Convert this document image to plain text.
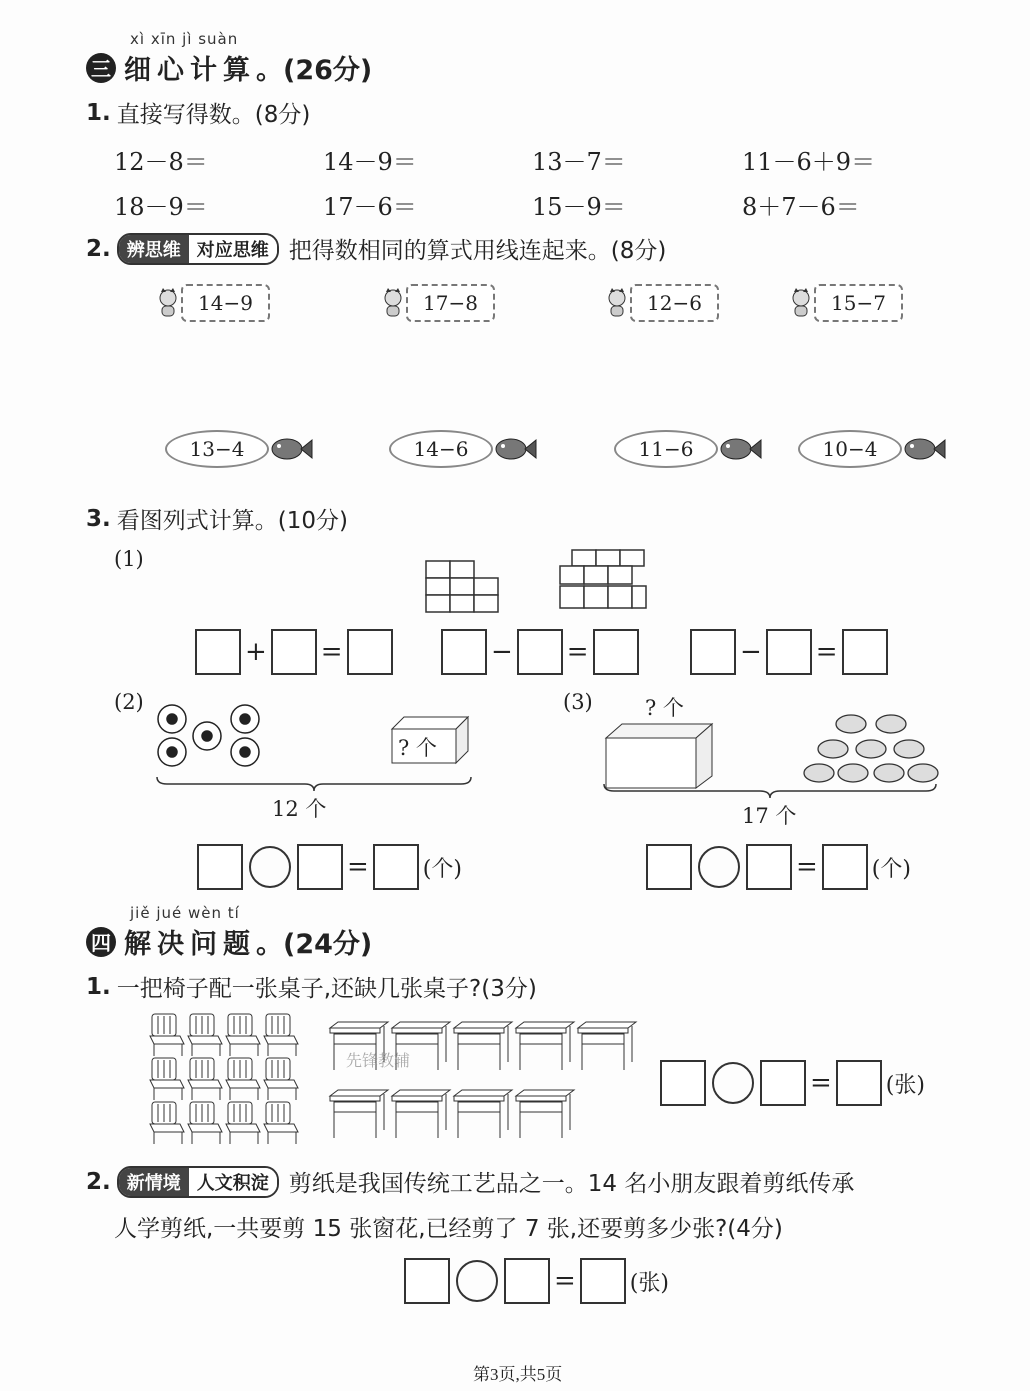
xì xīn jì suàn
三 细心计算 。(26分)
1. 直接写得数。(8分)
12－8＝	14－9＝	13－7＝	11－6＋9＝
18－9＝	17－6＝	15－9＝	8＋7－6＝
2. 辨思维 对应思维 把得数相同的算式用线连起来。(8分)
14−9	17−8	12−6	15−7
13−4	14−6	11−6	10−4
3. 看图列式计算。(10分)
(1)
+ =	− =	− =
(2)
? 个
12 个
= (个)
(3) ? 个
17 个
= (个)
jiě jué wèn tí
四 解决问题 。(24分)
1. 一把椅子配一张桌子,还缺几张桌子?(3分)
先锋教辅
= (张)
2. 新情境 人文积淀 剪纸是我国传统工艺品之一。14 名小朋友跟着剪纸传承
人学剪纸,一共要剪 15 张窗花,已经剪了 7 张,还要剪多少张?(4分)
= (张)
第3页,共5页
